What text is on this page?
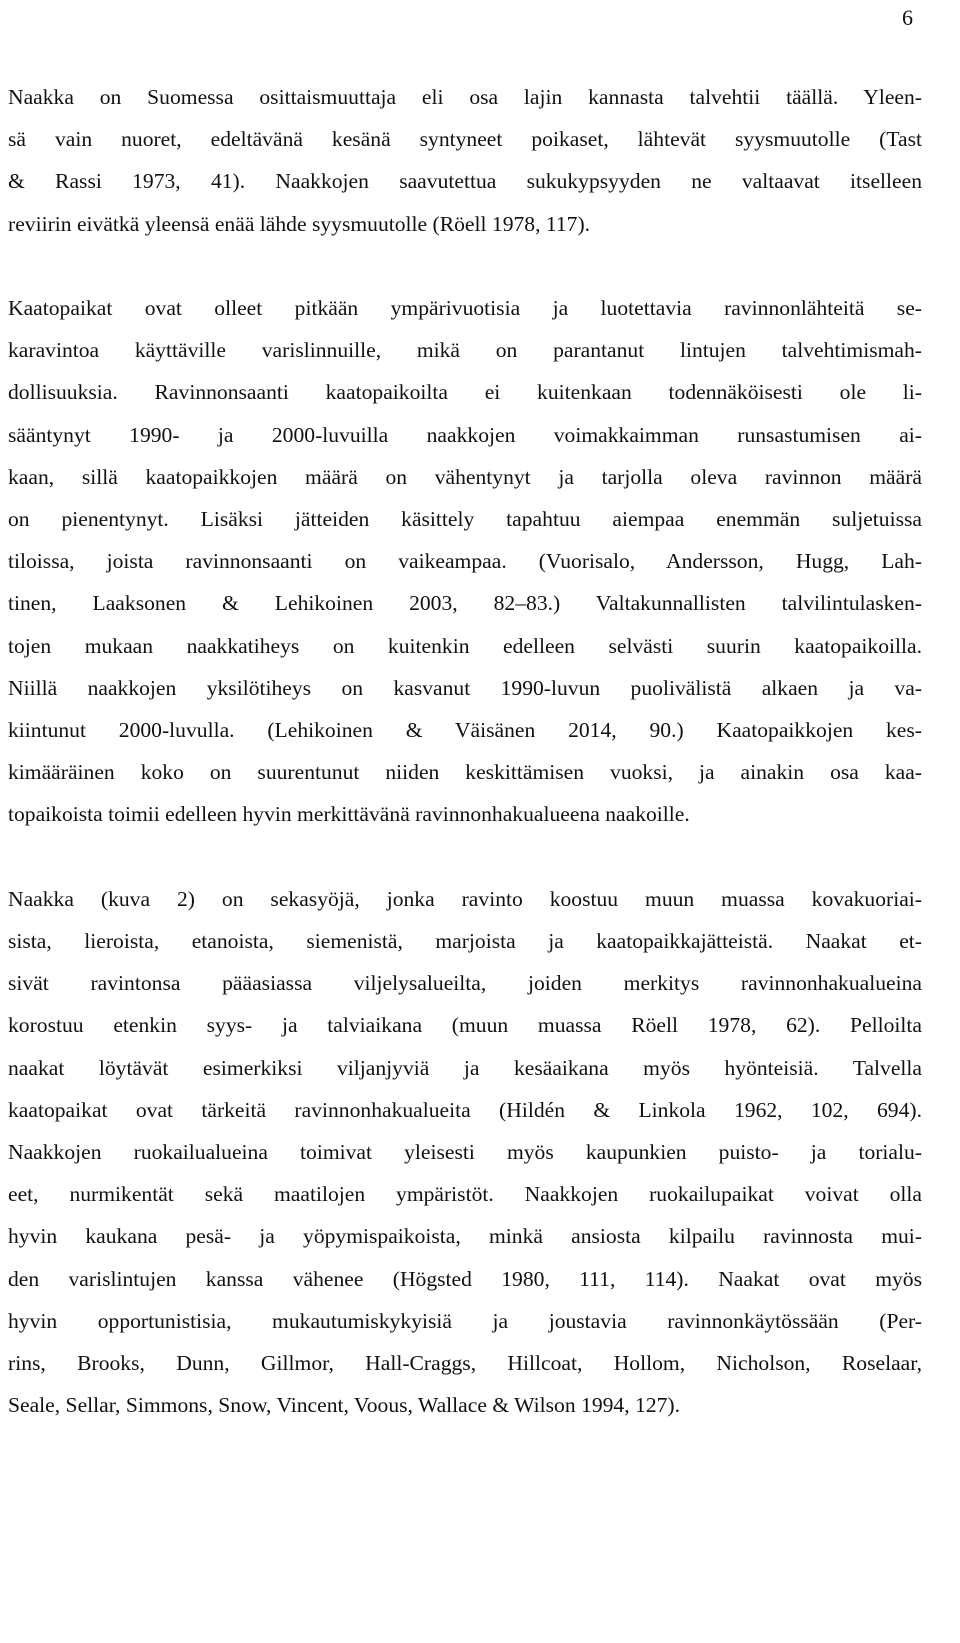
6

Naakka on Suomessa osittaismuuttaja eli osa lajin kannasta talvehtii täällä. Yleen-
sä vain nuoret, edeltävänä kesänä syntyneet poikaset, lähtevät syysmuutolle (Tast
& Rassi 1973, 41). Naakkojen saavutettua sukukypsyyden ne valtaavat itselleen
reviirin eivätkä yleensä enää lähde syysmuutolle (Röell 1978, 117).

Kaatopaikat ovat olleet pitkään ympärivuotisia ja luotettavia ravinnonlähteitä se-
karavintoa käyttäville varislinnuille, mikä on parantanut lintujen talvehtimismah-
dollisuuksia. Ravinnonsaanti kaatopaikoilta ei kuitenkaan todennäköisesti ole li-
sääntynyt 1990- ja 2000-luvuilla naakkojen voimakkaimman runsastumisen ai-
kaan, sillä kaatopaikkojen määrä on vähentynyt ja tarjolla oleva ravinnon määrä
on pienentynyt. Lisäksi jätteiden käsittely tapahtuu aiempaa enemmän suljetuissa
tiloissa, joista ravinnonsaanti on vaikeampaa. (Vuorisalo, Andersson, Hugg, Lah-
tinen, Laaksonen & Lehikoinen 2003, 82–83.) Valtakunnallisten talvilintulasken-
tojen mukaan naakkatiheys on kuitenkin edelleen selvästi suurin kaatopaikoilla.
Niillä naakkojen yksilötiheys on kasvanut 1990-luvun puolivälistä alkaen ja va-
kiintunut 2000-luvulla. (Lehikoinen & Väisänen 2014, 90.) Kaatopaikkojen kes-
kimääräinen koko on suurentunut niiden keskittämisen vuoksi, ja ainakin osa kaa-
topaikoista toimii edelleen hyvin merkittävänä ravinnonhakualueena naakoille.

Naakka (kuva 2) on sekasyöjä, jonka ravinto koostuu muun muassa kovakuoriai-
sista, lieroista, etanoista, siemenistä, marjoista ja kaatopaikkajätteistä. Naakat et-
sivät ravintonsa pääasiassa viljelysalueilta, joiden merkitys ravinnonhakualueina
korostuu etenkin syys- ja talviaikana (muun muassa Röell 1978, 62). Pelloilta
naakat löytävät esimerkiksi viljanjyviä ja kesäaikana myös hyönteisiä. Talvella
kaatopaikat ovat tärkeitä ravinnonhakualueita (Hildén & Linkola 1962, 102, 694).
Naakkojen ruokailualueina toimivat yleisesti myös kaupunkien puisto- ja torialu-
eet, nurmikentät sekä maatilojen ympäristöt. Naakkojen ruokailupaikat voivat olla
hyvin kaukana pesä- ja yöpymispaikoista, minkä ansiosta kilpailu ravinnosta mui-
den varislintujen kanssa vähenee (Högsted 1980, 111, 114). Naakat ovat myös
hyvin opportunistisia, mukautumiskykyisiä ja joustavia ravinnonkäytössään (Per-
rins, Brooks, Dunn, Gillmor, Hall-Craggs, Hillcoat, Hollom, Nicholson, Roselaar,
Seale, Sellar, Simmons, Snow, Vincent, Voous, Wallace & Wilson 1994, 127).
